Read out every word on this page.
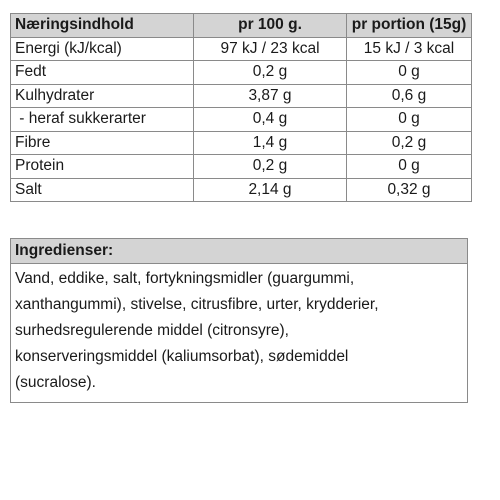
Næringsindhold	pr 100 g.	pr portion (15g)
Energi (kJ/kcal)	97 kJ / 23 kcal	15 kJ / 3 kcal
Fedt	0,2 g	0 g
Kulhydrater	3,87 g	0,6 g
- heraf sukkerarter	0,4 g	0 g
Fibre	1,4 g	0,2 g
Protein	0,2 g	0 g
Salt	2,14 g	0,32 g
Ingredienser:
Vand, eddike, salt, fortykningsmidler (guargummi,
xanthangummi), stivelse, citrusfibre, urter, krydderier,
surhedsregulerende middel (citronsyre),
konserveringsmiddel (kaliumsorbat), sødemiddel
(sucralose).
